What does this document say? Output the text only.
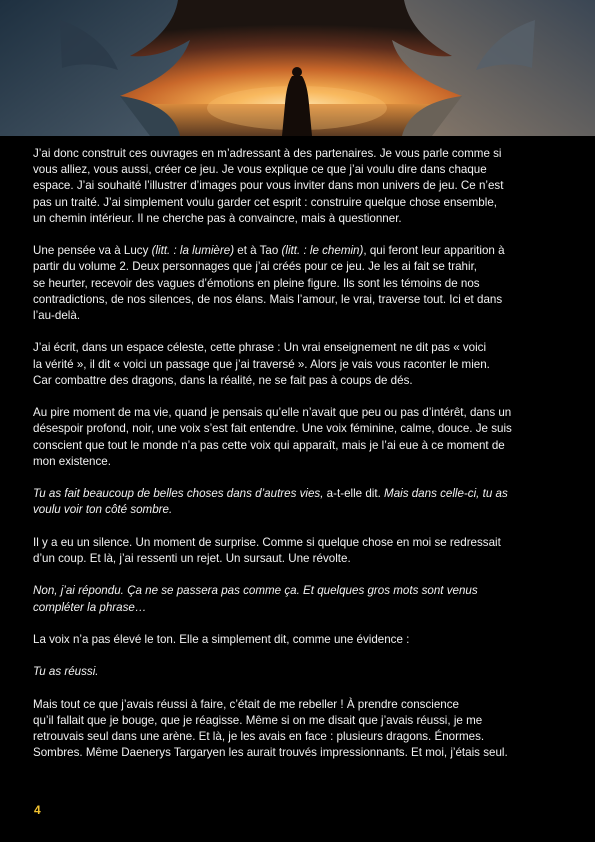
J’ai donc construit ces ouvrages en m’adressant à des partenaires. Je vous parle comme si
vous alliez, vous aussi, créer ce jeu. Je vous explique ce que j’ai voulu dire dans chaque
espace. J’ai souhaité l’illustrer d’images pour vous inviter dans mon univers de jeu. Ce n’est
pas un traité. J’ai simplement voulu garder cet esprit : construire quelque chose ensemble,
un chemin intérieur. Il ne cherche pas à convaincre, mais à questionner.

Une pensée va à Lucy (litt. : la lumière) et à Tao (litt. : le chemin), qui feront leur apparition à
partir du volume 2. Deux personnages que j’ai créés pour ce jeu. Je les ai fait se trahir,
se heurter, recevoir des vagues d’émotions en pleine figure. Ils sont les témoins de nos
contradictions, de nos silences, de nos élans. Mais l’amour, le vrai, traverse tout. Ici et dans
l’au-delà.

J’ai écrit, dans un espace céleste, cette phrase : Un vrai enseignement ne dit pas « voici
la vérité », il dit « voici un passage que j’ai traversé ». Alors je vais vous raconter le mien.
Car combattre des dragons, dans la réalité, ne se fait pas à coups de dés.

Au pire moment de ma vie, quand je pensais qu’elle n’avait que peu ou pas d’intérêt, dans un
désespoir profond, noir, une voix s’est fait entendre. Une voix féminine, calme, douce. Je suis
conscient que tout le monde n’a pas cette voix qui apparaît, mais je l’ai eue à ce moment de
mon existence.

Tu as fait beaucoup de belles choses dans d’autres vies, a-t-elle dit. Mais dans celle-ci, tu as
voulu voir ton côté sombre.

Il y a eu un silence. Un moment de surprise. Comme si quelque chose en moi se redressait
d’un coup. Et là, j’ai ressenti un rejet. Un sursaut. Une révolte.

Non, j’ai répondu. Ça ne se passera pas comme ça. Et quelques gros mots sont venus
compléter la phrase…

La voix n’a pas élevé le ton. Elle a simplement dit, comme une évidence :

Tu as réussi.

Mais tout ce que j’avais réussi à faire, c’était de me rebeller ! À prendre conscience
qu’il fallait que je bouge, que je réagisse. Même si on me disait que j’avais réussi, je me
retrouvais seul dans une arène. Et là, je les avais en face : plusieurs dragons. Énormes.
Sombres. Même Daenerys Targaryen les aurait trouvés impressionnants. Et moi, j’étais seul.

4
